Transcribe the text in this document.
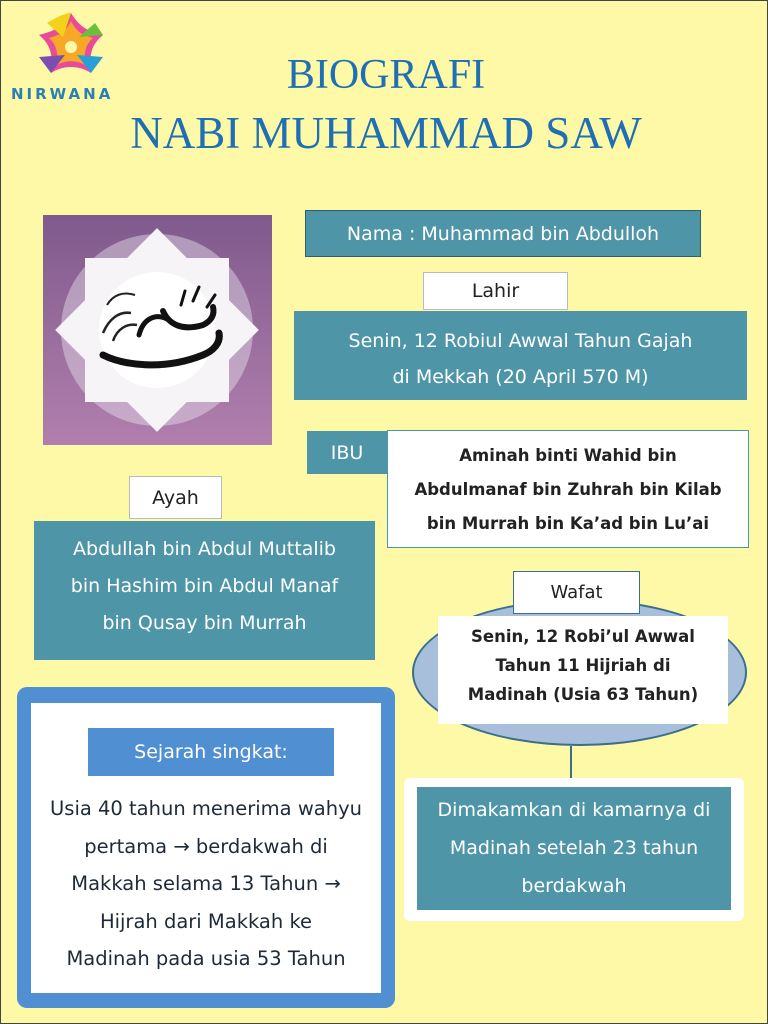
NIRWANA	BIOGRAFI
NABI MUHAMMAD SAW
Nama : Muhammad bin Abdulloh
Lahir
Senin, 12 Robiul Awwal Tahun Gajah
di Mekkah (20 April 570 M)
IBU	Aminah binti Wahid bin
Abdulmanaf bin Zuhrah bin Kilab
bin Murrah bin Ka’ad bin Lu’ai
Ayah
Abdullah bin Abdul Muttalib
bin Hashim bin Abdul Manaf
bin Qusay bin Murrah
Wafat
Senin, 12 Robi’ul Awwal
Tahun 11 Hijriah di
Madinah (Usia 63 Tahun)
Dimakamkan di kamarnya di
Madinah setelah 23 tahun
berdakwah
Sejarah singkat:
Usia 40 tahun menerima wahyu
pertama → berdakwah di
Makkah selama 13 Tahun →
Hijrah dari Makkah ke
Madinah pada usia 53 Tahun
